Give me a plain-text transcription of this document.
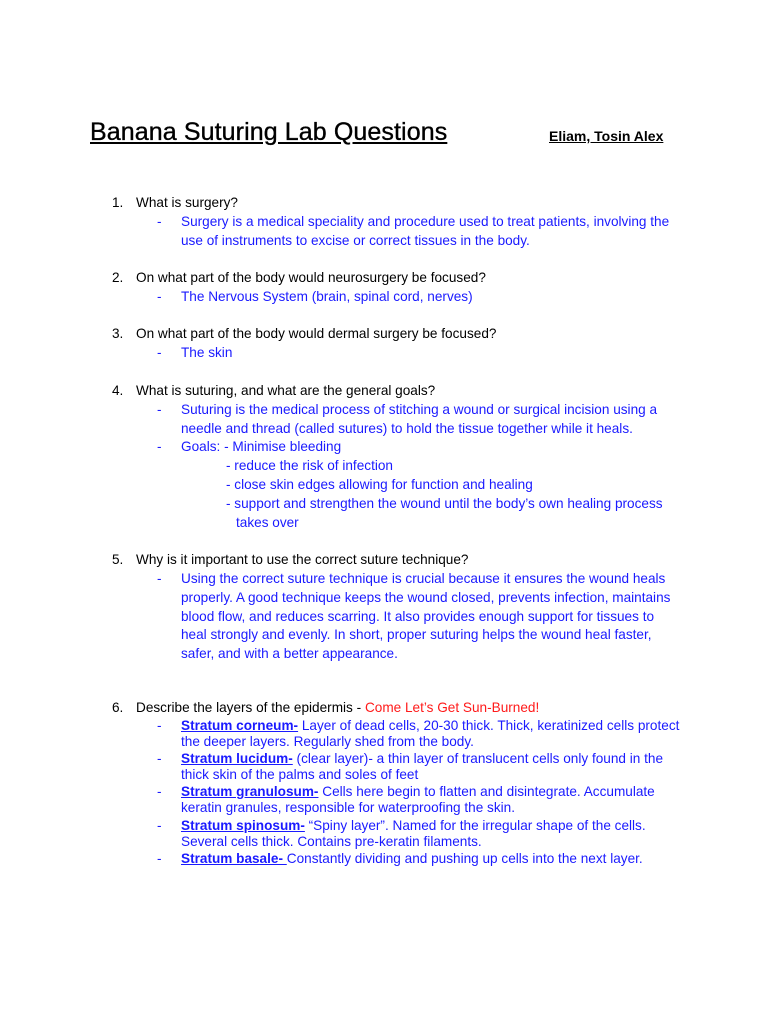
Banana Suturing Lab Questions	Eliam, Tosin Alex
1. What is surgery?
- Surgery is a medical speciality and procedure used to treat patients, involving the use of instruments to excise or correct tissues in the body.
2. On what part of the body would neurosurgery be focused?
- The Nervous System (brain, spinal cord, nerves)
3. On what part of the body would dermal surgery be focused?
- The skin
4. What is suturing, and what are the general goals?
- Suturing is the medical process of stitching a wound or surgical incision using a needle and thread (called sutures) to hold the tissue together while it heals.
- Goals: - Minimise bleeding
- reduce the risk of infection
- close skin edges allowing for function and healing
- support and strengthen the wound until the body’s own healing process
takes over
5. Why is it important to use the correct suture technique?
- Using the correct suture technique is crucial because it ensures the wound heals properly. A good technique keeps the wound closed, prevents infection, maintains blood flow, and reduces scarring. It also provides enough support for tissues to heal strongly and evenly. In short, proper suturing helps the wound heal faster, safer, and with a better appearance.
6. Describe the layers of the epidermis - Come Let’s Get Sun-Burned!
- Stratum corneum- Layer of dead cells, 20-30 thick. Thick, keratinized cells protect the deeper layers. Regularly shed from the body.
- Stratum lucidum- (clear layer)- a thin layer of translucent cells only found in the thick skin of the palms and soles of feet
- Stratum granulosum- Cells here begin to flatten and disintegrate. Accumulate keratin granules, responsible for waterproofing the skin.
- Stratum spinosum- “Spiny layer”. Named for the irregular shape of the cells. Several cells thick. Contains pre-keratin filaments.
- Stratum basale- Constantly dividing and pushing up cells into the next layer.
